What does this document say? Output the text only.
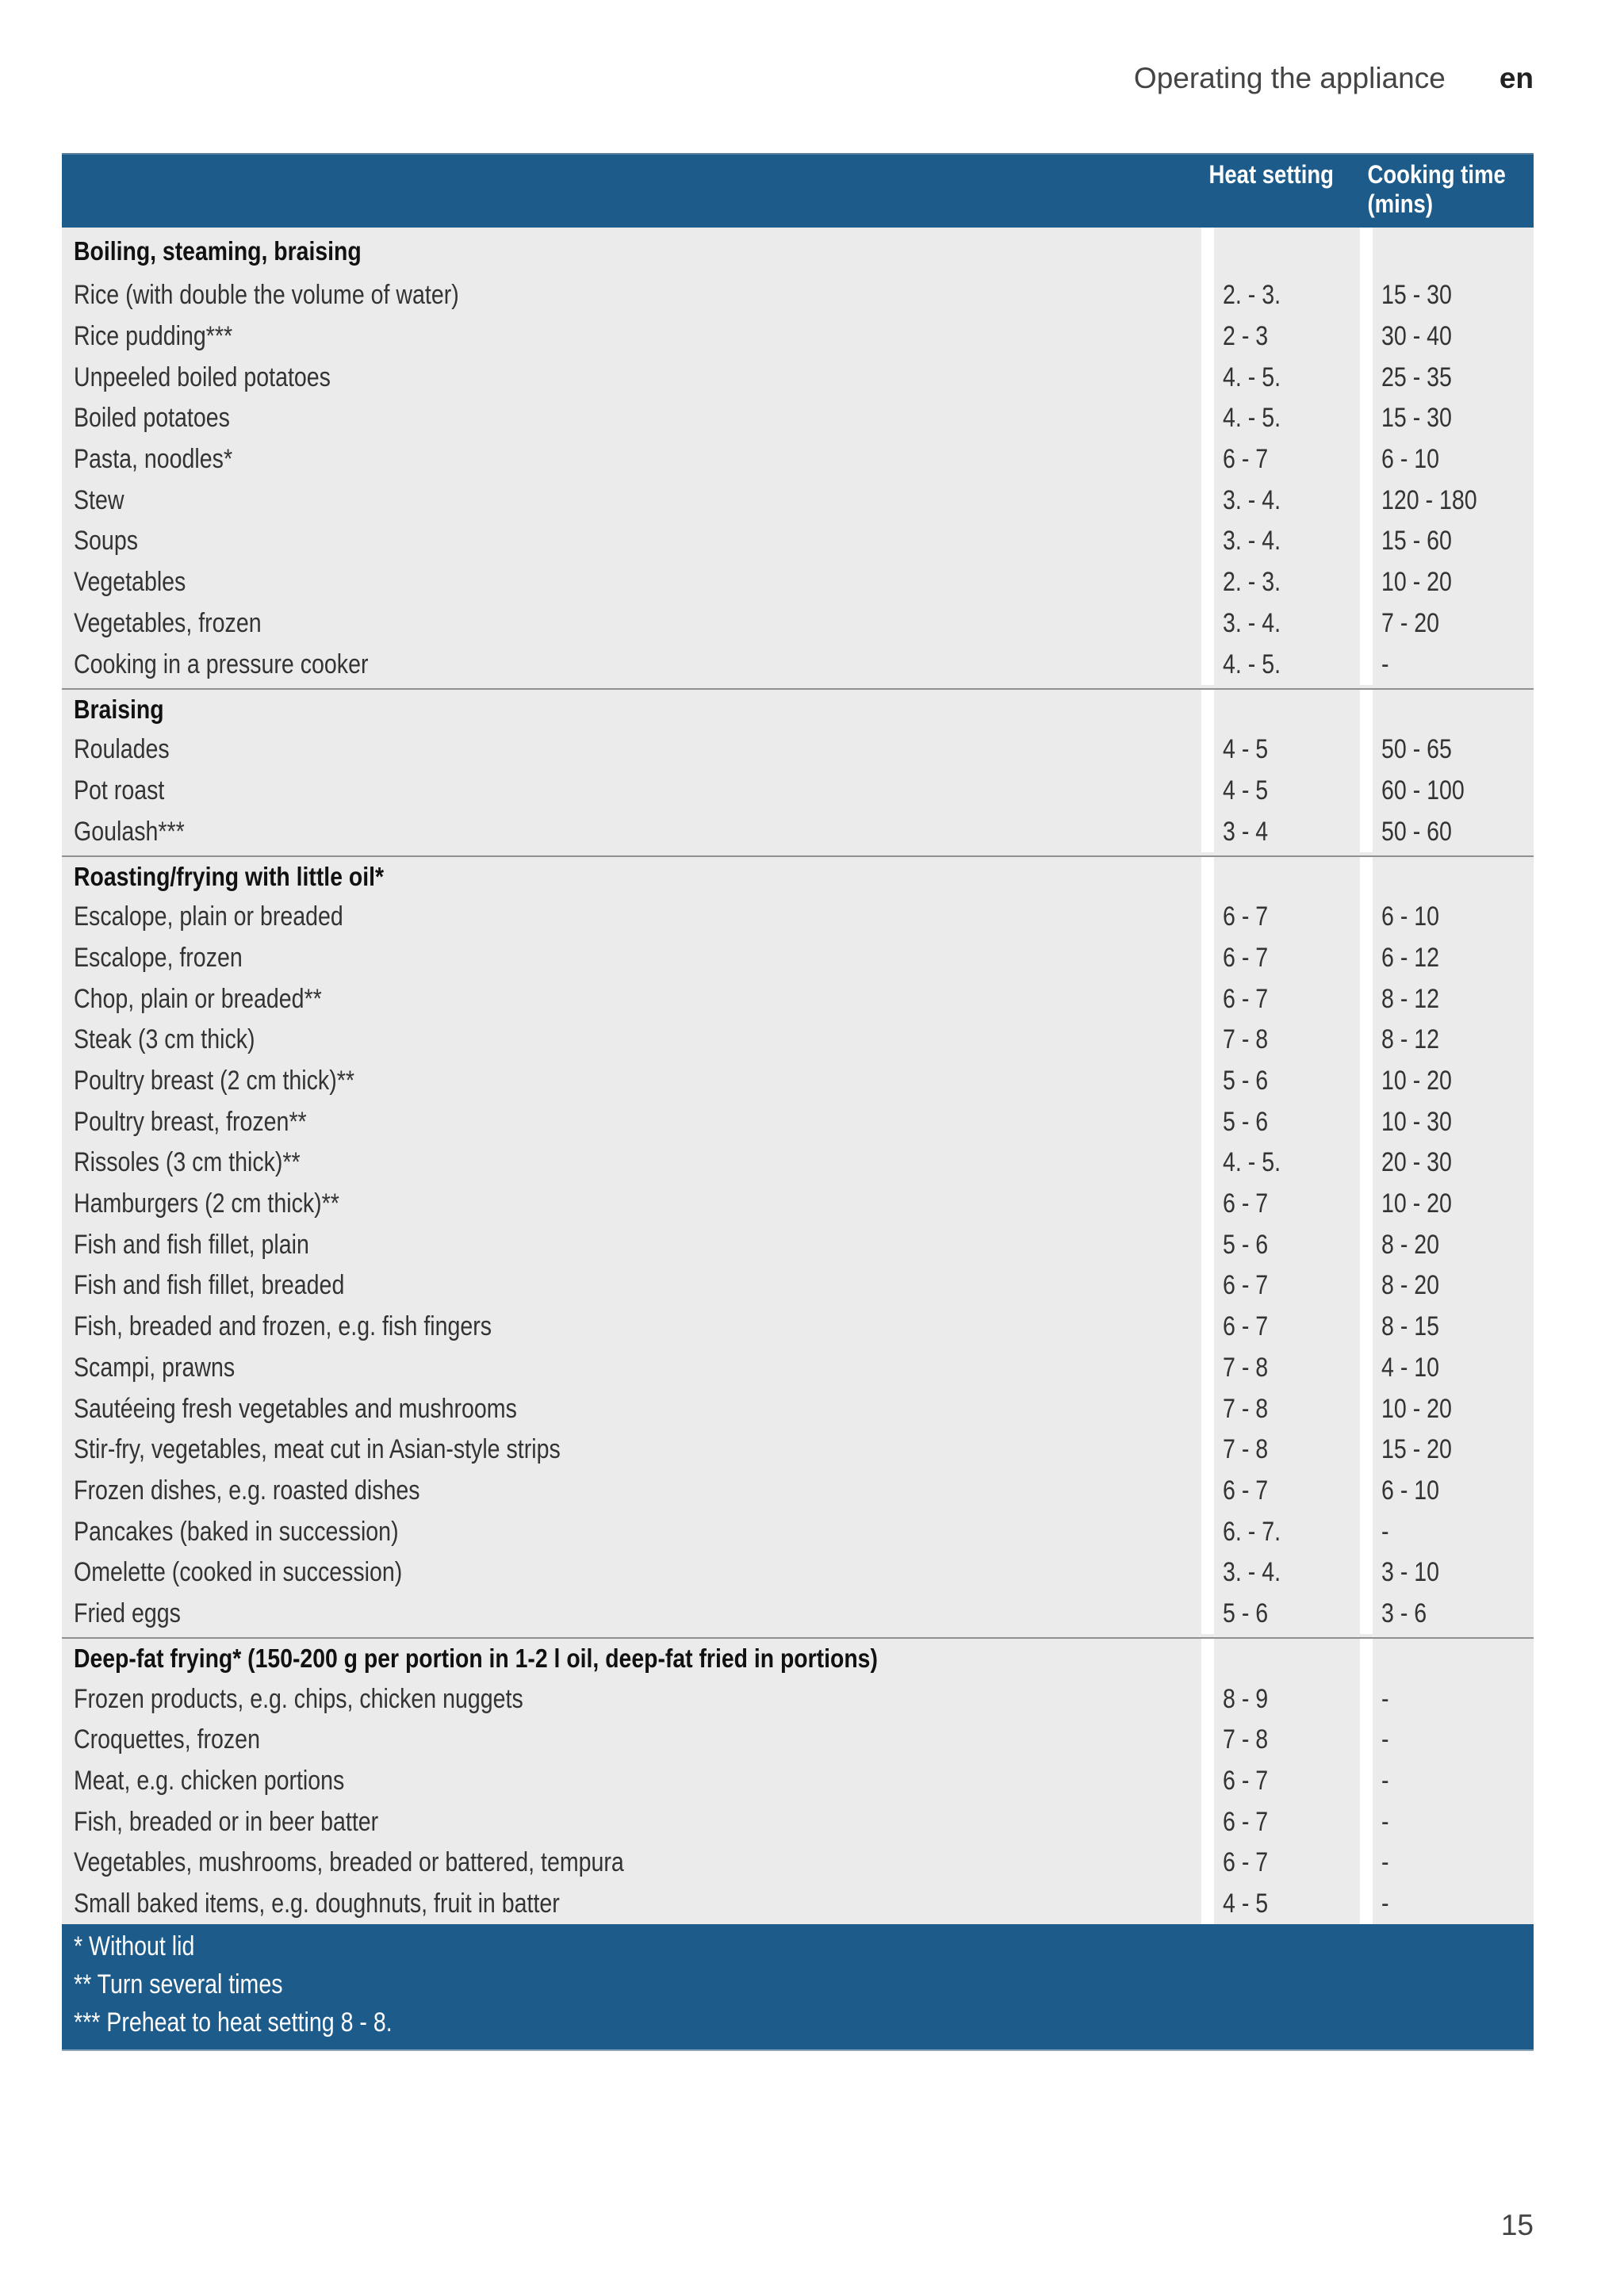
Operating the appliance en
Heat setting Cooking time
(mins)
Boiling, steaming, braising
Rice (with double the volume of water)	2. - 3.	15 - 30
Rice pudding***	2 - 3	30 - 40
Unpeeled boiled potatoes	4. - 5.	25 - 35
Boiled potatoes	4. - 5.	15 - 30
Pasta, noodles*	6 - 7	6 - 10
Stew	3. - 4.	120 - 180
Soups	3. - 4.	15 - 60
Vegetables	2. - 3.	10 - 20
Vegetables, frozen	3. - 4.	7 - 20
Cooking in a pressure cooker	4. - 5.	-
Braising
Roulades	4 - 5	50 - 65
Pot roast	4 - 5	60 - 100
Goulash***	3 - 4	50 - 60
Roasting/frying with little oil*
Escalope, plain or breaded	6 - 7	6 - 10
Escalope, frozen	6 - 7	6 - 12
Chop, plain or breaded**	6 - 7	8 - 12
Steak (3 cm thick)	7 - 8	8 - 12
Poultry breast (2 cm thick)**	5 - 6	10 - 20
Poultry breast, frozen**	5 - 6	10 - 30
Rissoles (3 cm thick)**	4. - 5.	20 - 30
Hamburgers (2 cm thick)**	6 - 7	10 - 20
Fish and fish fillet, plain	5 - 6	8 - 20
Fish and fish fillet, breaded	6 - 7	8 - 20
Fish, breaded and frozen, e.g. fish fingers	6 - 7	8 - 15
Scampi, prawns	7 - 8	4 - 10
Sautéeing fresh vegetables and mushrooms	7 - 8	10 - 20
Stir-fry, vegetables, meat cut in Asian-style strips	7 - 8	15 - 20
Frozen dishes, e.g. roasted dishes	6 - 7	6 - 10
Pancakes (baked in succession)	6. - 7.	-
Omelette (cooked in succession)	3. - 4.	3 - 10
Fried eggs	5 - 6	3 - 6
Deep-fat frying* (150-200 g per portion in 1-2 l oil, deep-fat fried in portions)
Frozen products, e.g. chips, chicken nuggets	8 - 9	-
Croquettes, frozen	7 - 8	-
Meat, e.g. chicken portions	6 - 7	-
Fish, breaded or in beer batter	6 - 7	-
Vegetables, mushrooms, breaded or battered, tempura	6 - 7	-
Small baked items, e.g. doughnuts, fruit in batter	4 - 5	-
* Without lid
** Turn several times
*** Preheat to heat setting 8 - 8.
15
